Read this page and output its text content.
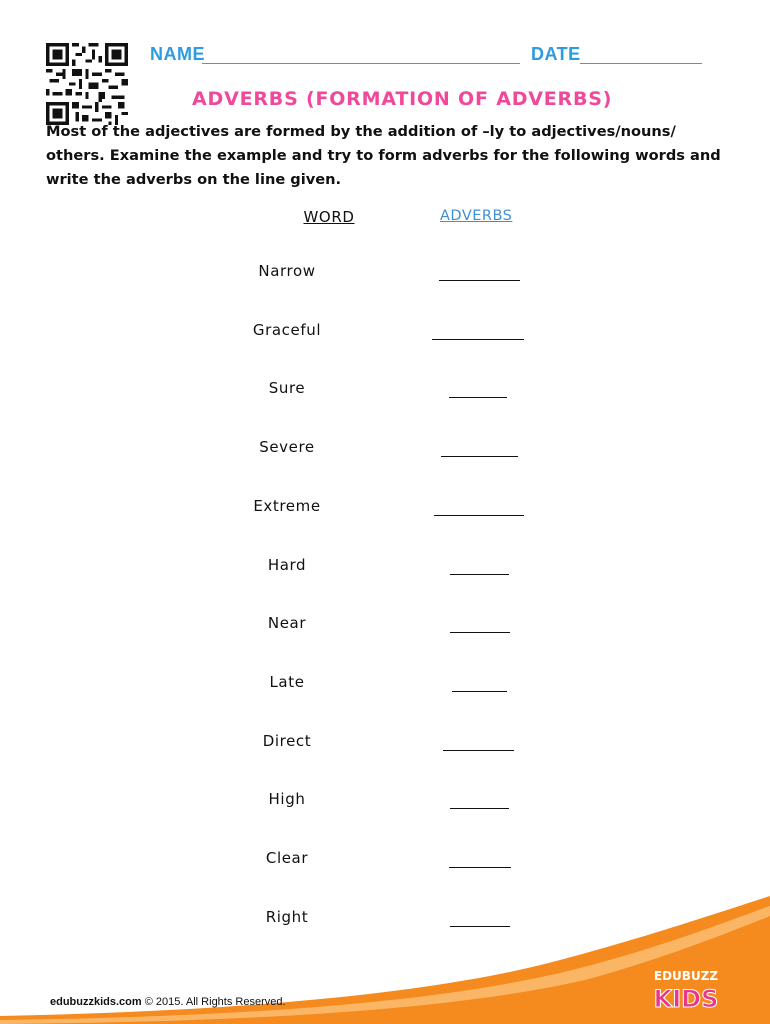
NAME	DATE
ADVERBS (FORMATION OF ADVERBS)
Most of the adjectives are formed by the addition of –ly to adjectives/nouns/ others. Examine the example and try to form adverbs for the following words and write the adverbs on the line given.
WORD	ADVERBS
Narrow
Graceful
Sure
Severe
Extreme
Hard
Near
Late
Direct
High
Clear
Right
edubuzzkids.com © 2015. All Rights Reserved.
EDUBUZZ
KIDS
